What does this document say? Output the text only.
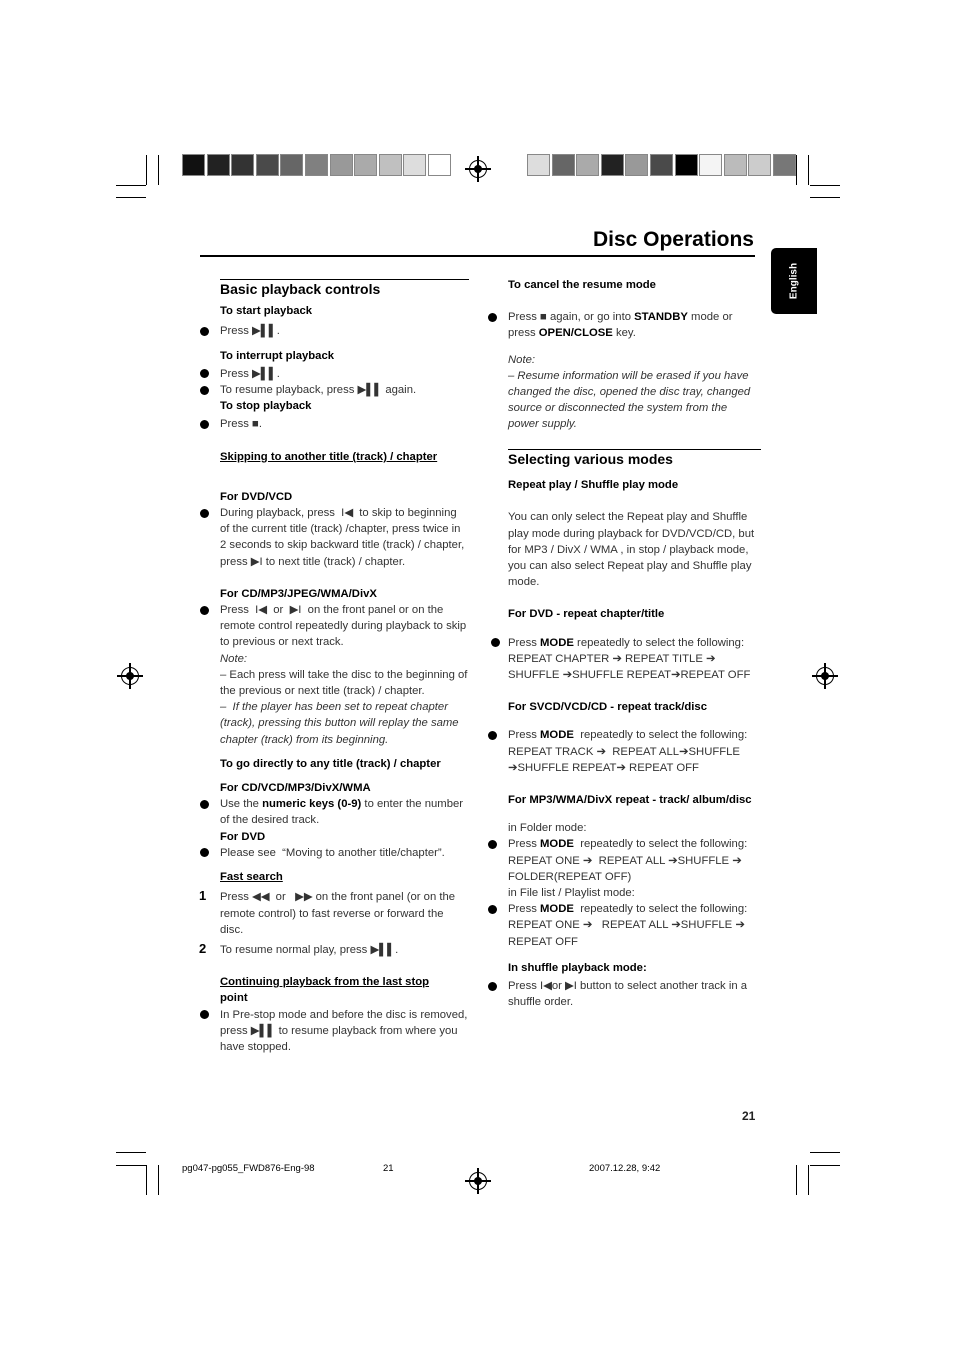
Disc Operations
English

Basic playback controls

To start playback

Press ▶▌▌.

To interrupt playback

Press ▶▌▌.

To resume playback, press ▶▌▌ again.

To stop playback

Press ■.

Skipping to another title (track) / chapter

For DVD/VCD

During playback, press  I◀  to skip to beginning of the current title (track) /chapter, press twice in 2 seconds to skip backward title (track) / chapter, press ▶I to next title (track) / chapter.

For CD/MP3/JPEG/WMA/DivX

Press  I◀  or  ▶I  on the front panel or on the remote control repeatedly during playback to skip to previous or next track.

Note:

– Each press will take the disc to the beginning of the previous or next title (track) / chapter.

–  If the player has been set to repeat chapter (track), pressing this button will replay the same chapter (track) from its beginning.

To go directly to any title (track) / chapter

For CD/VCD/MP3/DivX/WMA

Use the numeric keys (0-9) to enter the number of the desired track.

For DVD

Please see  “Moving to another title/chapter”.

Fast search

1 Press ◀◀  or   ▶▶ on the front panel (or on the remote control) to fast reverse or forward the disc.

2 To resume normal play, press ▶▌▌.

Continuing playback from the last stop
point

In Pre-stop mode and before the disc is removed, press ▶▌▌ to resume playback from where you have stopped.

To cancel the resume mode

Press ■ again, or go into STANDBY mode or press OPEN/CLOSE key.

Note:

– Resume information will be erased if you have changed the disc, opened the disc tray, changed source or disconnected the system from the power supply.

Selecting various modes

Repeat play / Shuffle play mode

You can only select the Repeat play and Shuffle play mode during playback for DVD/VCD/CD, but for MP3 / DivX / WMA , in stop / playback mode, you can also select Repeat play and Shuffle play mode.

For DVD - repeat chapter/title

Press MODE repeatedly to select the following:
REPEAT CHAPTER ➔ REPEAT TITLE ➔ SHUFFLE ➔SHUFFLE REPEAT➔REPEAT OFF

For SVCD/VCD/CD - repeat track/disc

Press MODE  repeatedly to select the following:
REPEAT TRACK ➔  REPEAT ALL➔SHUFFLE ➔SHUFFLE REPEAT➔ REPEAT OFF

For MP3/WMA/DivX repeat - track/ album/disc

in Folder mode:

Press MODE  repeatedly to select the following:
REPEAT ONE ➔  REPEAT ALL ➔SHUFFLE ➔ FOLDER(REPEAT OFF)

in File list / Playlist mode:

Press MODE  repeatedly to select the following:
REPEAT ONE ➔   REPEAT ALL ➔SHUFFLE ➔ REPEAT OFF

In shuffle playback mode:

Press I◀or ▶I button to select another track in a shuffle order.

21
pg047-pg055_FWD876-Eng-98	21	2007.12.28, 9:42
